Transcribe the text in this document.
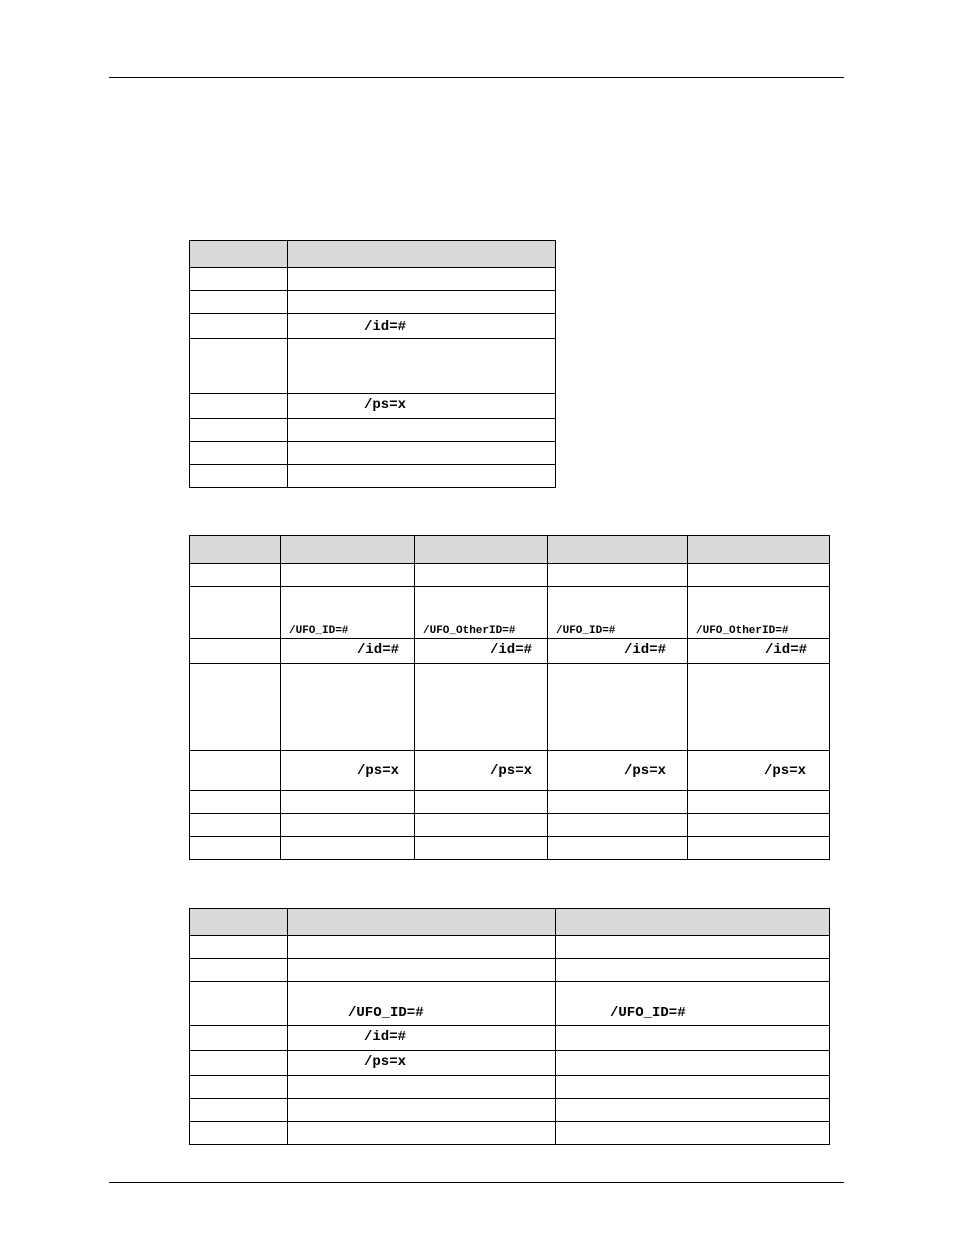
	/id=#

	/ps=x

	/UFO_ID=#	/UFO_OtherID=#	/UFO_ID=#	/UFO_OtherID=#

	/id=#	/id=#	/id=#	/id=#

	/ps=x	/ps=x	/ps=x	/ps=x

	/UFO_ID=#	/UFO_ID=#

	/id=#	

	/ps=x	
